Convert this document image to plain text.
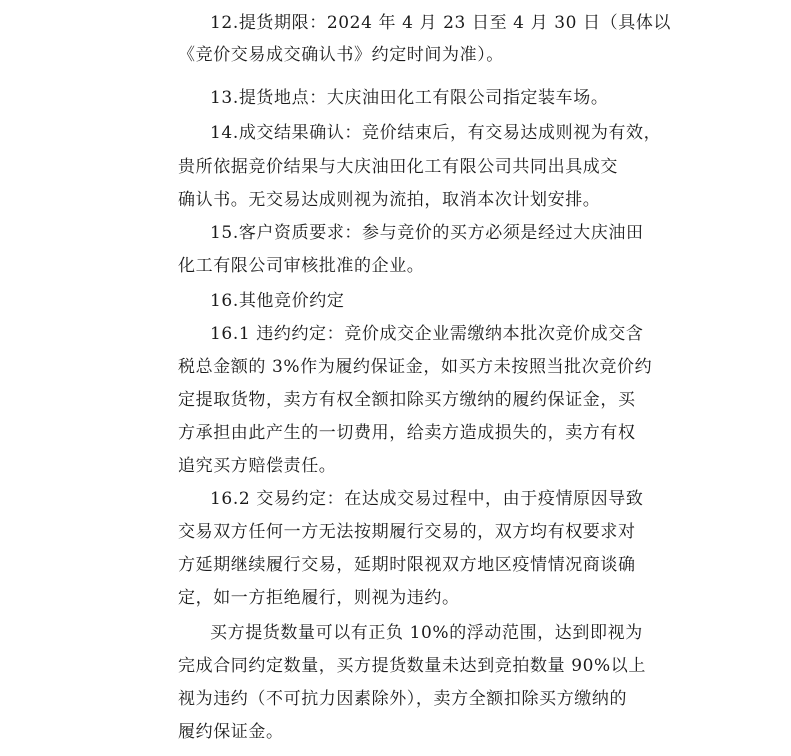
12.提货期限：2024 年 4 月 23 日至 4 月 30 日（具体以
《竞价交易成交确认书》约定时间为准）。
13.提货地点：大庆油田化工有限公司指定装车场。
14.成交结果确认：竞价结束后，有交易达成则视为有效，
贵所依据竞价结果与大庆油田化工有限公司共同出具成交
确认书。无交易达成则视为流拍，取消本次计划安排。
15.客户资质要求：参与竞价的买方必须是经过大庆油田
化工有限公司审核批准的企业。
16.其他竞价约定
16.1 违约约定：竞价成交企业需缴纳本批次竞价成交含
税总金额的 3%作为履约保证金，如买方未按照当批次竞价约
定提取货物，卖方有权全额扣除买方缴纳的履约保证金，买
方承担由此产生的一切费用，给卖方造成损失的，卖方有权
追究买方赔偿责任。
16.2 交易约定：在达成交易过程中，由于疫情原因导致
交易双方任何一方无法按期履行交易的，双方均有权要求对
方延期继续履行交易，延期时限视双方地区疫情情况商谈确
定，如一方拒绝履行，则视为违约。
买方提货数量可以有正负 10%的浮动范围，达到即视为
完成合同约定数量，买方提货数量未达到竞拍数量 90%以上
视为违约（不可抗力因素除外），卖方全额扣除买方缴纳的
履约保证金。
